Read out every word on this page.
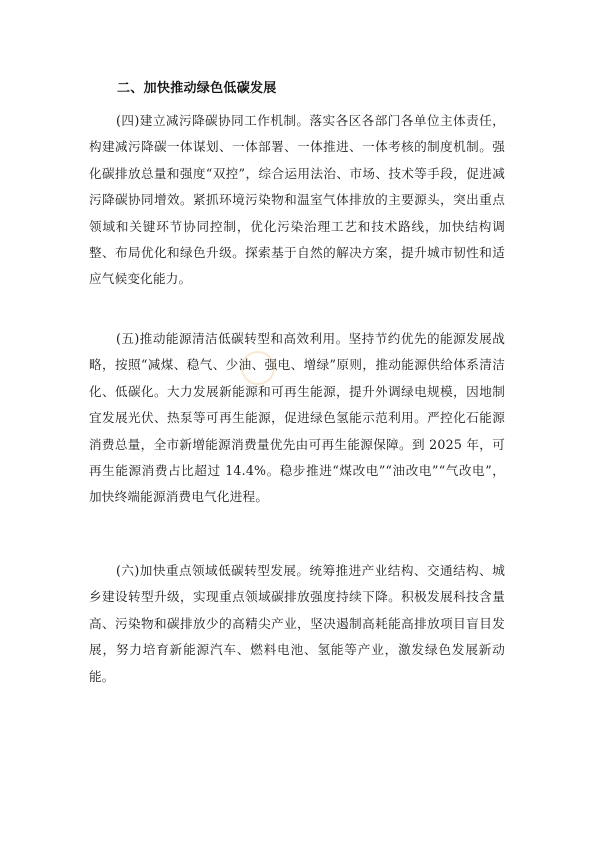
二、加快推动绿色低碳发展

(四)建立减污降碳协同工作机制。落实各区各部门各单位主体责任，构建减污降碳一体谋划、一体部署、一体推进、一体考核的制度机制。强化碳排放总量和强度“双控”，综合运用法治、市场、技术等手段，促进减污降碳协同增效。紧抓环境污染物和温室气体排放的主要源头，突出重点领域和关键环节协同控制，优化污染治理工艺和技术路线，加快结构调整、布局优化和绿色升级。探索基于自然的解决方案，提升城市韧性和适应气候变化能力。

(五)推动能源清洁低碳转型和高效利用。坚持节约优先的能源发展战略，按照“减煤、稳气、少油、强电、增绿”原则，推动能源供给体系清洁化、低碳化。大力发展新能源和可再生能源，提升外调绿电规模，因地制宜发展光伏、热泵等可再生能源，促进绿色氢能示范利用。严控化石能源消费总量，全市新增能源消费量优先由可再生能源保障。到 2025 年，可再生能源消费占比超过 14.4%。稳步推进“煤改电”“油改电”“气改电”，加快终端能源消费电气化进程。

(六)加快重点领域低碳转型发展。统筹推进产业结构、交通结构、城乡建设转型升级，实现重点领域碳排放强度持续下降。积极发展科技含量高、污染物和碳排放少的高精尖产业，坚决遏制高耗能高排放项目盲目发展，努力培育新能源汽车、燃料电池、氢能等产业，激发绿色发展新动能。
